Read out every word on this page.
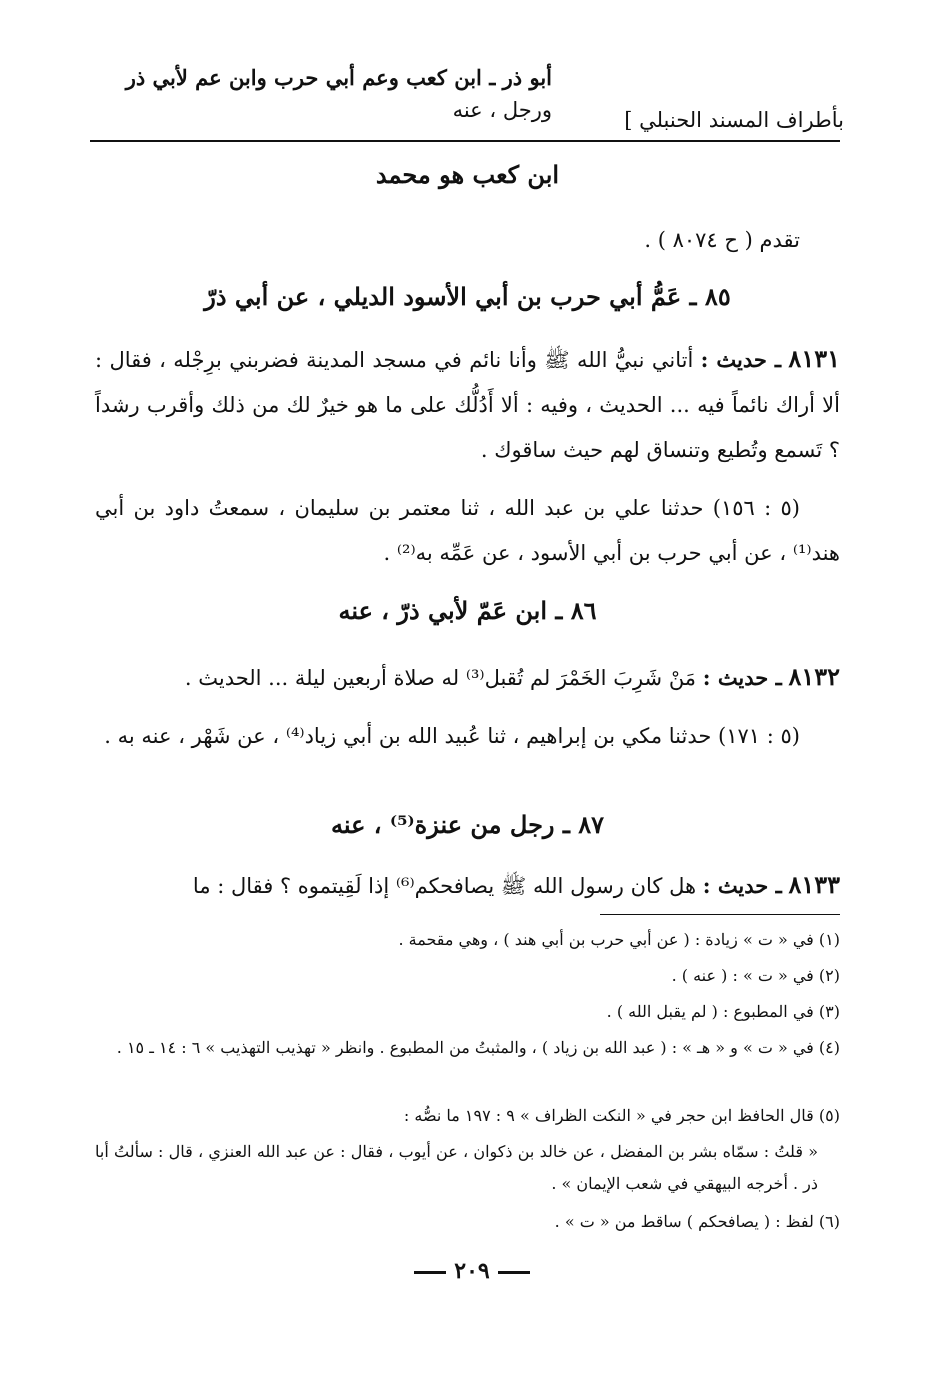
بأطراف المسند الحنبلي ]
أبو ذر ـ ابن كعب وعم أبي حرب وابن عم لأبي ذر
ورجل ، عنه
ابن كعب هو محمد
تقدم ( ح ٨٠٧٤ ) .
٨٥ ـ عَمُّ أبي حرب بن أبي الأسود الديلي ، عن أبي ذرّ
٨١٣١ ـ حديث : أتاني نبيُّ الله ﷺ وأنا نائم في مسجد المدينة فضربني برِجْله ، فقال : ألا أراك نائماً فيه ... الحديث ، وفيه : ألا أَدُلُّك على ما هو خيرٌ لك من ذلك وأقرب رشداً ؟ تَسمع وتُطيع وتنساق لهم حيث ساقوك .
(٥ : ١٥٦) حدثنا علي بن عبد الله ، ثنا معتمر بن سليمان ، سمعتُ داود بن أبي هند⁽¹⁾ ، عن أبي حرب بن أبي الأسود ، عن عَمِّه به⁽²⁾ .
٨٦ ـ ابن عَمّ لأبي ذرّ ، عنه
٨١٣٢ ـ حديث : مَنْ شَرِبَ الخَمْرَ لم تُقبل⁽³⁾ له صلاة أربعين ليلة ... الحديث .
(٥ : ١٧١) حدثنا مكي بن إبراهيم ، ثنا عُبيد الله بن أبي زياد⁽⁴⁾ ، عن شَهْر ، عنه به .
٨٧ ـ رجل من عنزة⁽⁵⁾ ، عنه
٨١٣٣ ـ حديث : هل كان رسول الله ﷺ يصافحكم⁽⁶⁾ إذا لَقِيتموه ؟ فقال : ما
(١) في « ت » زيادة : ( عن أبي حرب بن أبي هند ) ، وهي مقحمة .
(٢) في « ت » : ( عنه ) .
(٣) في المطبوع : ( لم يقبل الله ) .
(٤) في « ت » و « هـ » : ( عبد الله بن زياد ) ، والمثبتُ من المطبوع . وانظر « تهذيب التهذيب » ٦ : ١٤ ـ ١٥ .
(٥) قال الحافظ ابن حجر في « النكت الظراف » ٩ : ١٩٧ ما نصُّه :
« قلتُ : سمّاه بشر بن المفضل ، عن خالد بن ذكوان ، عن أيوب ، فقال : عن عبد الله العنزي ، قال : سألتُ أبا ذر . أخرجه البيهقي في شعب الإيمان » .
(٦) لفظ : ( يصافحكم ) ساقط من « ت » .
٢٠٩
